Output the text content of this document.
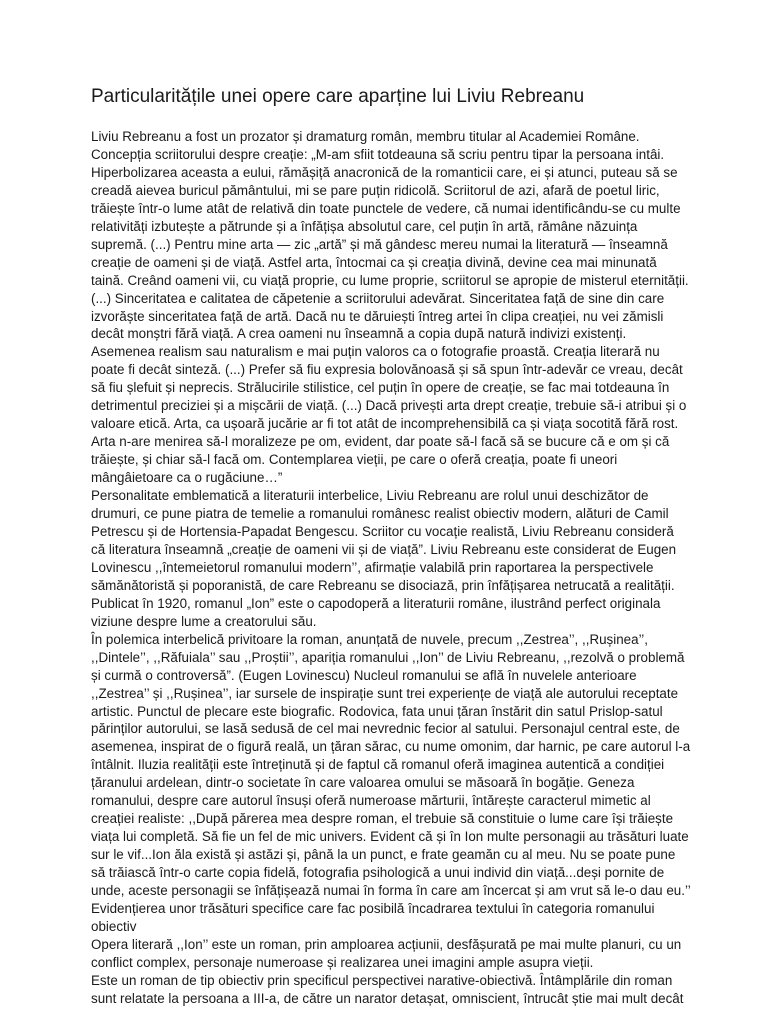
Particularitățile unei opere care aparține lui Liviu Rebreanu

Liviu Rebreanu a fost un prozator și dramaturg român, membru titular al Academiei Române. Concepția scriitorului despre creație: „M-am sfiit totdeauna să scriu pentru tipar la persoana intâi. Hiperbolizarea aceasta a eului, rămășiță anacronică de la romanticii care, ei și atunci, puteau să se creadă aievea buricul pământului, mi se pare puțin ridicolă. Scriitorul de azi, afară de poetul liric, trăiește într-o lume atât de relativă din toate punctele de vedere, că numai identificându-se cu multe relativități izbutește a pătrunde și a înfățișa absolutul care, cel puțin în artă, rămâne năzuința supremă. (...) Pentru mine arta — zic „artă” și mă gândesc mereu numai la literatură — înseamnă creație de oameni și de viață. Astfel arta, întocmai ca și creația divină, devine cea mai minunată taină. Creând oameni vii, cu viață proprie, cu lume proprie, scriitorul se apropie de misterul eternității. (...) Sinceritatea e calitatea de căpetenie a scriitorului adevărat. Sinceritatea față de sine din care izvorăște sinceritatea față de artă. Dacă nu te dăruiești întreg artei în clipa creației, nu vei zămisli decât monștri fără viață. A crea oameni nu înseamnă a copia după natură indivizi existenți. Asemenea realism sau naturalism e mai puțin valoros ca o fotografie proastă. Creația literară nu poate fi decât sinteză. (...) Prefer să fiu expresia bolovănoasă și să spun într-adevăr ce vreau, decât să fiu șlefuit și neprecis. Strălucirile stilistice, cel puțin în opere de creație, se fac mai totdeauna în detrimentul preciziei și a mișcării de viață. (...) Dacă privești arta drept creație, trebuie să-i atribui și o valoare etică. Arta, ca ușoară jucărie ar fi tot atât de incomprehensibilă ca și viața socotită fără rost. Arta n-are menirea să-l moralizeze pe om, evident, dar poate să-l facă să se bucure că e om și că trăiește, și chiar să-l facă om. Contemplarea vieții, pe care o oferă creația, poate fi uneori mângâietoare ca o rugăciune…”

Personalitate emblematică a literaturii interbelice, Liviu Rebreanu are rolul unui deschizător de drumuri, ce pune piatra de temelie a romanului românesc realist obiectiv modern, alături de Camil Petrescu și de Hortensia-Papadat Bengescu. Scriitor cu vocație realistă, Liviu Rebreanu consideră că literatura înseamnă „creație de oameni vii și de viață”. Liviu Rebreanu este considerat de Eugen Lovinescu ,,întemeietorul romanului modern’’, afirmație valabilă prin raportarea la perspectivele sămănătoristă și poporanistă, de care Rebreanu se disociază, prin înfățișarea netrucată a realității. Publicat în 1920, romanul „Ion” este o capodoperă a literaturii române, ilustrând perfect originala viziune despre lume a creatorului său.

În polemica interbelică privitoare la roman, anunțată de nuvele, precum ,,Zestrea’’, ,,Rușinea’’, ,,Dintele’’, ,,Răfuiala’’ sau ,,Proștii’’, apariția romanului ,,Ion’’ de Liviu Rebreanu, ,,rezolvă o problemă și curmă o controversă”. (Eugen Lovinescu) Nucleul romanului se află în nuvelele anterioare ,,Zestrea’’ și ,,Rușinea’’, iar sursele de inspirație sunt trei experiențe de viață ale autorului receptate artistic. Punctul de plecare este biografic. Rodovica, fata unui țăran înstărit din satul Prislop-satul părinților autorului, se lasă sedusă de cel mai nevrednic fecior al satului. Personajul central este, de asemenea, inspirat de o figură reală, un țăran sărac, cu nume omonim, dar harnic, pe care autorul l-a întâlnit. Iluzia realității este întreținută și de faptul că romanul oferă imaginea autentică a condiției țăranului ardelean, dintr-o societate în care valoarea omului se măsoară în bogăție. Geneza romanului, despre care autorul însuși oferă numeroase mărturii, întărește caracterul mimetic al creației realiste: ,,După părerea mea despre roman, el trebuie să constituie o lume care își trăiește viața lui completă. Să fie un fel de mic univers. Evident că și în Ion multe personagii au trăsături luate sur le vif...Ion ăla există și astăzi și, până la un punct, e frate geamăn cu al meu. Nu se poate pune să trăiască într-o carte copia fidelă, fotografia psihologică a unui individ din viață...deși pornite de unde, aceste personagii se înfățișează numai în forma în care am încercat și am vrut să le-o dau eu.’’

Evidențierea unor trăsături specifice care fac posibilă încadrarea textului în categoria romanului obiectiv

Opera literară ,,Ion’’ este un roman, prin amploarea acțiunii, desfășurată pe mai multe planuri, cu un conflict complex, personaje numeroase și realizarea unei imagini ample asupra vieții.

Este un roman de tip obiectiv prin specificul perspectivei narative-obiectivă. Întâmplările din roman sunt relatate la persoana a III-a, de către un narator detașat, omniscient, întrucât știe mai mult decât
